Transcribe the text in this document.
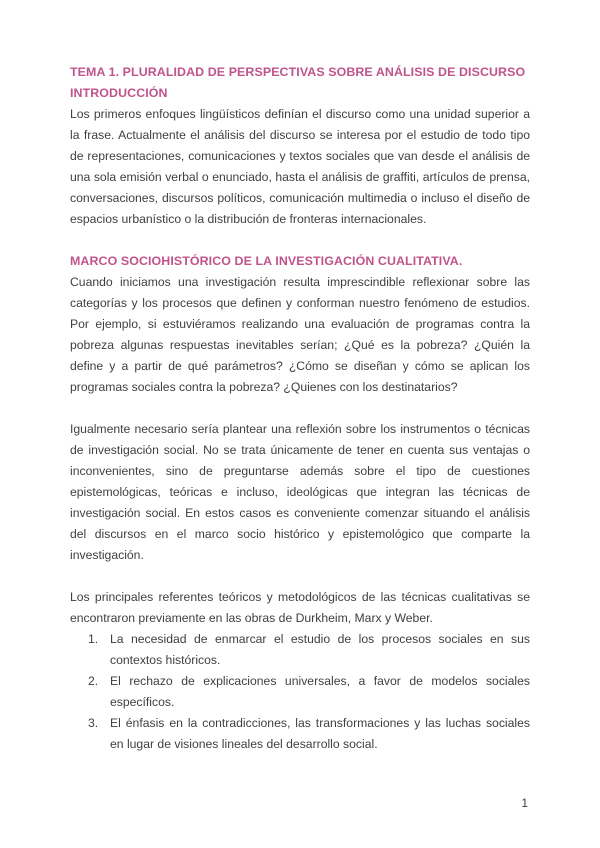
TEMA 1. PLURALIDAD DE PERSPECTIVAS SOBRE ANÁLISIS DE DISCURSO
INTRODUCCIÓN

Los primeros enfoques lingüísticos definían el discurso como una unidad superior a la frase. Actualmente el análisis del discurso se interesa por el estudio de todo tipo de representaciones, comunicaciones y textos sociales que van desde el análisis de una sola emisión verbal o enunciado, hasta el análisis de graffiti, artículos de prensa, conversaciones, discursos políticos, comunicación multimedia o incluso el diseño de espacios urbanístico o la distribución de fronteras internacionales.

MARCO SOCIOHISTÓRICO DE LA INVESTIGACIÓN CUALITATIVA.

Cuando iniciamos una investigación resulta imprescindible reflexionar sobre las categorías y los procesos que definen y conforman nuestro fenómeno de estudios. Por ejemplo, si estuviéramos realizando una evaluación de programas contra la pobreza algunas respuestas inevitables serían; ¿Qué es la pobreza? ¿Quién la define y a partir de qué parámetros? ¿Cómo se diseñan y cómo se aplican los programas sociales contra la pobreza? ¿Quienes con los destinatarios?

Igualmente necesario sería plantear una reflexión sobre los instrumentos o técnicas de investigación social. No se trata únicamente de tener en cuenta sus ventajas o inconvenientes, sino de preguntarse además sobre el tipo de cuestiones epistemológicas, teóricas e incluso, ideológicas que integran las técnicas de investigación social. En estos casos es conveniente comenzar situando el análisis del discursos en el marco socio histórico y epistemológico que comparte la investigación.

Los principales referentes teóricos y metodológicos de las técnicas cualitativas se encontraron previamente en las obras de Durkheim, Marx y Weber.

1. La necesidad de enmarcar el estudio de los procesos sociales en sus contextos históricos.
2. El rechazo de explicaciones universales, a favor de modelos sociales específicos.
3. El énfasis en la contradicciones, las transformaciones y las luchas sociales en lugar de visiones lineales del desarrollo social.
1
